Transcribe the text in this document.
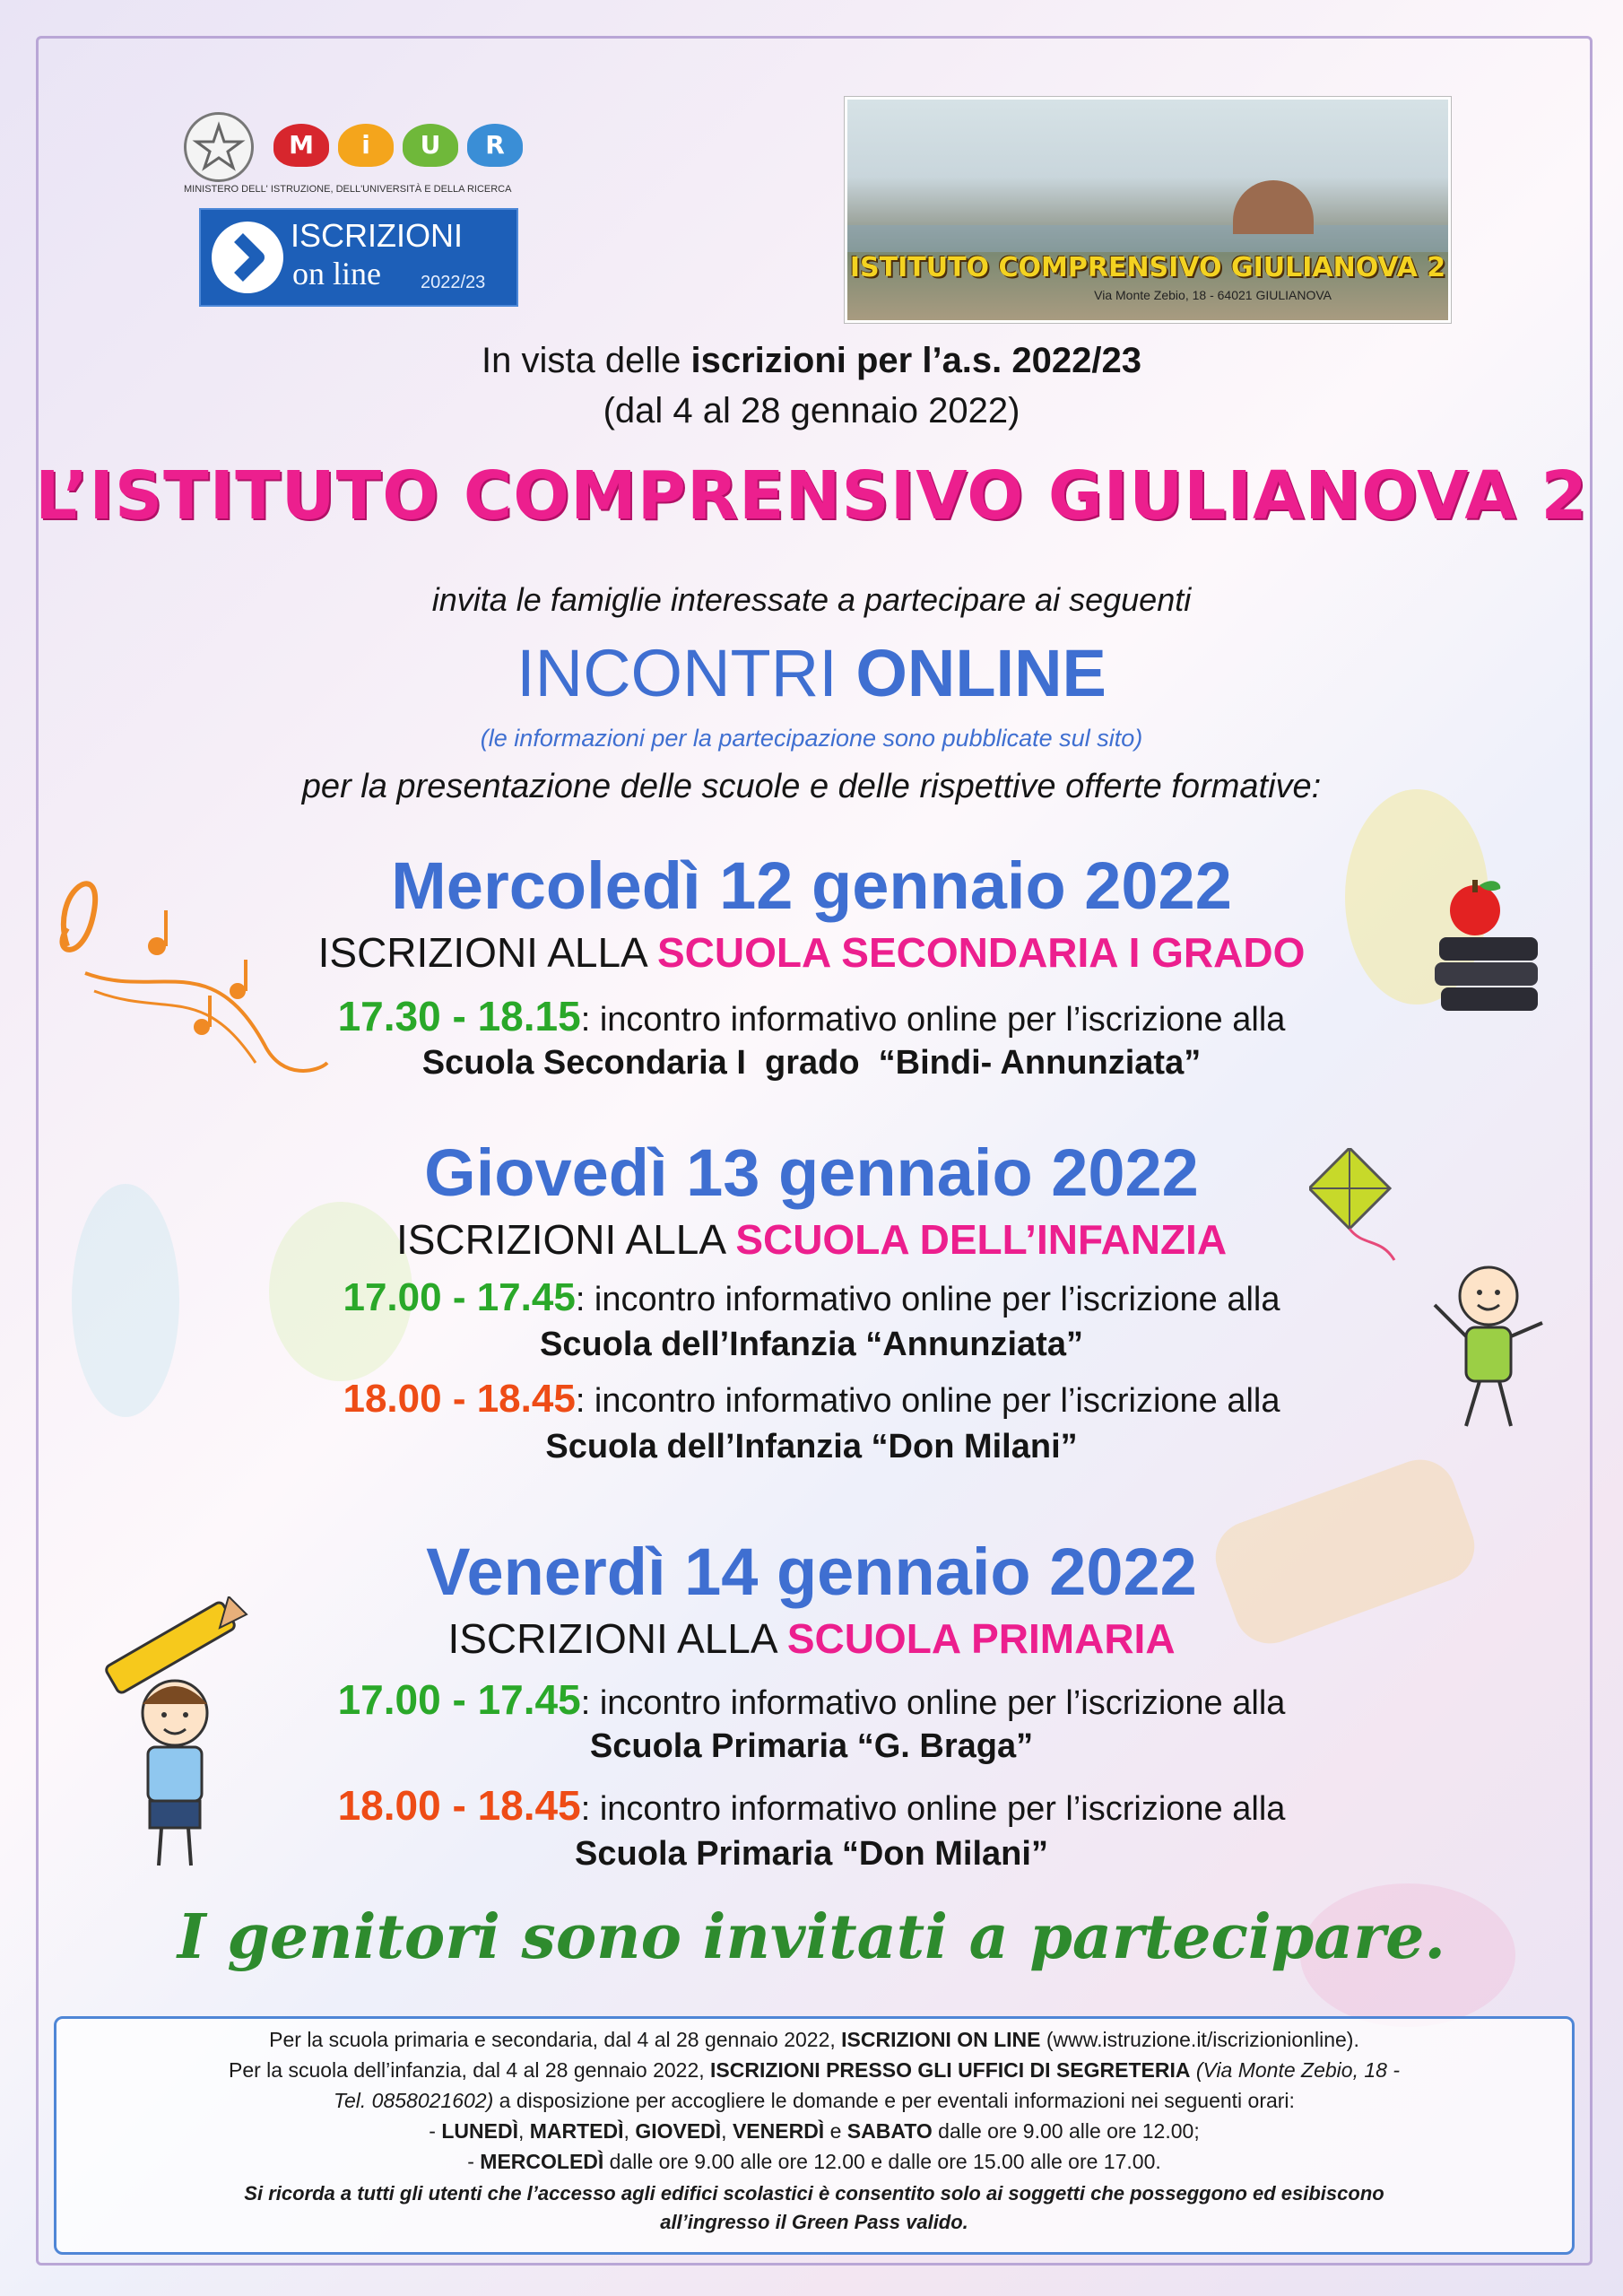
M	i	U	R
MINISTERO DELL' ISTRUZIONE, DELL'UNIVERSITÀ E DELLA RICERCA
ISCRIZIONI
on line 2022/23	ISTITUTO COMPRENSIVO GIULIANOVA 2
Via Monte Zebio, 18 - 64021 GIULIANOVA
In vista delle iscrizioni per l’a.s. 2022/23
(dal 4 al 28 gennaio 2022)
L’ISTITUTO COMPRENSIVO GIULIANOVA 2
invita le famiglie interessate a partecipare ai seguenti
INCONTRI ONLINE
(le informazioni per la partecipazione sono pubblicate sul sito)
per la presentazione delle scuole e delle rispettive offerte formative:
Mercoledì 12 gennaio 2022
ISCRIZIONI ALLA SCUOLA SECONDARIA I GRADO
17.30 - 18.15: incontro informativo online per l’iscrizione alla
Scuola Secondaria I  grado  “Bindi- Annunziata”
Giovedì 13 gennaio 2022
ISCRIZIONI ALLA SCUOLA DELL’INFANZIA
17.00 - 17.45: incontro informativo online per l’iscrizione alla
Scuola dell’Infanzia “Annunziata”
18.00 - 18.45: incontro informativo online per l’iscrizione alla
Scuola dell’Infanzia “Don Milani”
Venerdì 14 gennaio 2022
ISCRIZIONI ALLA SCUOLA PRIMARIA
17.00 - 17.45: incontro informativo online per l’iscrizione alla
Scuola Primaria “G. Braga”
18.00 - 18.45: incontro informativo online per l’iscrizione alla
Scuola Primaria “Don Milani”
I genitori sono invitati a partecipare.
Per la scuola primaria e secondaria, dal 4 al 28 gennaio 2022, ISCRIZIONI ON LINE (www.istruzione.it/iscrizionionline).
Per la scuola dell’infanzia, dal 4 al 28 gennaio 2022, ISCRIZIONI PRESSO GLI UFFICI DI SEGRETERIA (Via Monte Zebio, 18 -
Tel. 0858021602) a disposizione per accogliere le domande e per eventali informazioni nei seguenti orari:
- LUNEDÌ, MARTEDÌ, GIOVEDÌ, VENERDÌ e SABATO dalle ore 9.00 alle ore 12.00;
- MERCOLEDÌ dalle ore 9.00 alle ore 12.00 e dalle ore 15.00 alle ore 17.00.
Si ricorda a tutti gli utenti che l’accesso agli edifici scolastici è consentito solo ai soggetti che posseggono ed esibiscono
all’ingresso il Green Pass valido.
